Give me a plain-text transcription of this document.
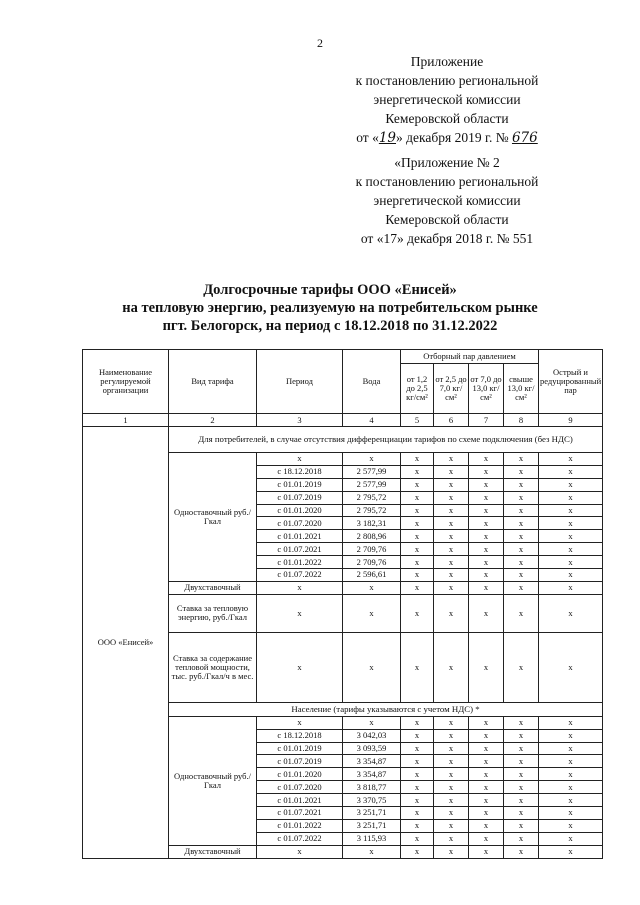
2
Приложение
к постановлению региональной
энергетической комиссии
Кемеровской области
от «19» декабря 2019 г. № 676
«Приложение № 2
к постановлению региональной
энергетической комиссии
Кемеровской области
от «17» декабря 2018 г. № 551
Долгосрочные тарифы ООО «Енисей»
на тепловую энергию, реализуемую на потребительском рынке
пгт. Белогорск, на период с 18.12.2018 по 31.12.2022
Наименование регулируемой организации	Вид тарифа	Период	Вода	Отборный пар давлением				Острый и редуцированный пар
				от 1,2 до 2,5 кг/см²	от 2,5 до 7,0 кг/см²	от 7,0 до 13,0 кг/см²	свыше 13,0 кг/см²	
1	2	3	4	5	6	7	8	9
ООО «Енисей»	Для потребителей, в случае отсутствия дифференциации тарифов по схеме подключения (без НДС)							
	Одноставочный руб./Гкал	x	x	x	x	x	x	x
		с 18.12.2018	2 577,99	x	x	x	x	x
		с 01.01.2019	2 577,99	x	x	x	x	x
		с 01.07.2019	2 795,72	x	x	x	x	x
		с 01.01.2020	2 795,72	x	x	x	x	x
		с 01.07.2020	3 182,31	x	x	x	x	x
		с 01.01.2021	2 808,96	x	x	x	x	x
		с 01.07.2021	2 709,76	x	x	x	x	x
		с 01.01.2022	2 709,76	x	x	x	x	x
		с 01.07.2022	2 596,61	x	x	x	x	x
	Двухставочный	x	x	x	x	x	x	x
	Ставка за тепловую энергию, руб./Гкал	x	x	x	x	x	x	x
	Ставка за содержание тепловой мощности, тыс. руб./Гкал/ч в мес.	x	x	x	x	x	x	x
	Население (тарифы указываются с учетом НДС) *							
	Одноставочный руб./Гкал	x	x	x	x	x	x	x
		с 18.12.2018	3 042,03	x	x	x	x	x
		с 01.01.2019	3 093,59	x	x	x	x	x
		с 01.07.2019	3 354,87	x	x	x	x	x
		с 01.01.2020	3 354,87	x	x	x	x	x
		с 01.07.2020	3 818,77	x	x	x	x	x
		с 01.01.2021	3 370,75	x	x	x	x	x
		с 01.07.2021	3 251,71	x	x	x	x	x
		с 01.01.2022	3 251,71	x	x	x	x	x
		с 01.07.2022	3 115,93	x	x	x	x	x
	Двухставочный	x	x	x	x	x	x	x
